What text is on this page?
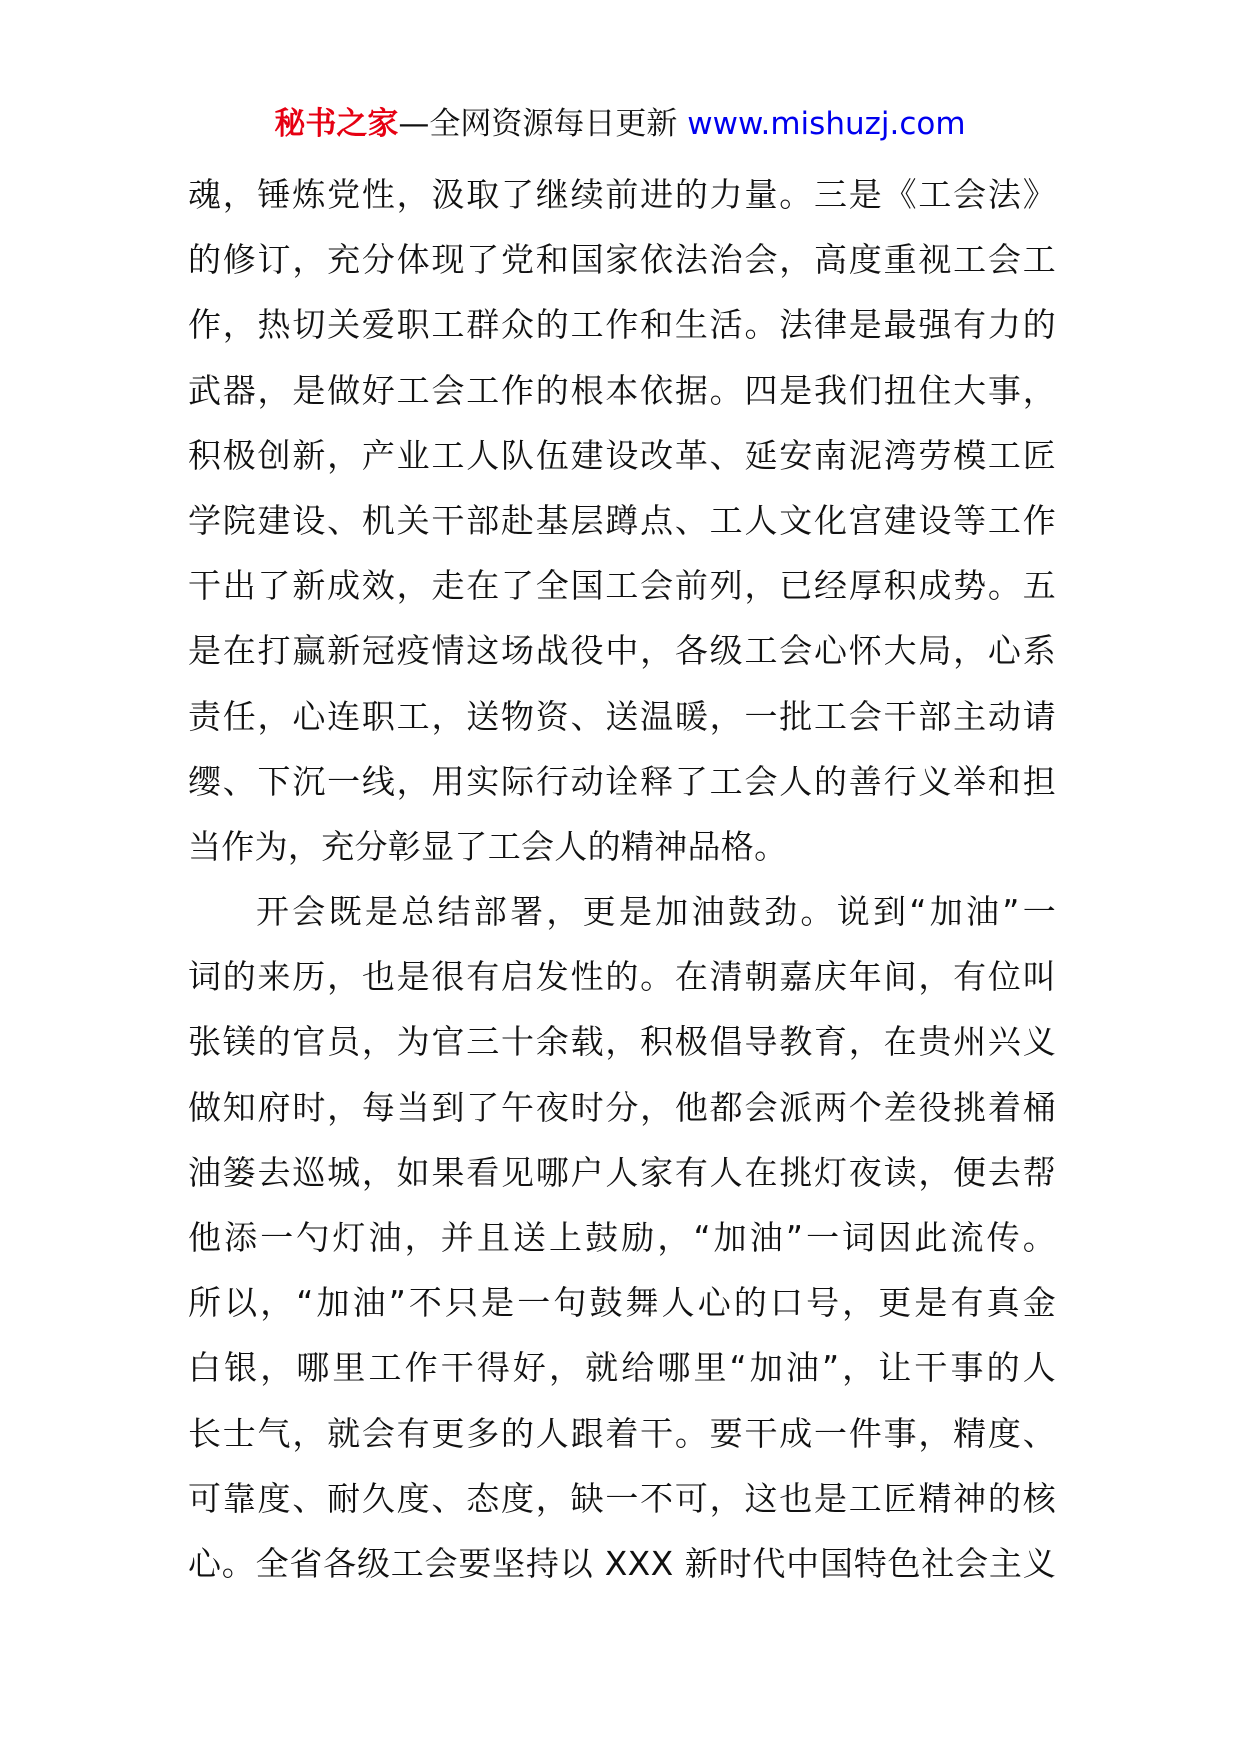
秘书之家—全网资源每日更新 www.mishuzj.com
魂，锤炼党性，汲取了继续前进的力量。三是《工会法》
的修订，充分体现了党和国家依法治会，高度重视工会工
作，热切关爱职工群众的工作和生活。法律是最强有力的
武器，是做好工会工作的根本依据。四是我们扭住大事，
积极创新，产业工人队伍建设改革、延安南泥湾劳模工匠
学院建设、机关干部赴基层蹲点、工人文化宫建设等工作
干出了新成效，走在了全国工会前列，已经厚积成势。五
是在打赢新冠疫情这场战役中，各级工会心怀大局，心系
责任，心连职工，送物资、送温暖，一批工会干部主动请
缨、下沉一线，用实际行动诠释了工会人的善行义举和担
当作为，充分彰显了工会人的精神品格。
开会既是总结部署，更是加油鼓劲。说到“加油”一
词的来历，也是很有启发性的。在清朝嘉庆年间，有位叫
张镁的官员，为官三十余载，积极倡导教育，在贵州兴义
做知府时，每当到了午夜时分，他都会派两个差役挑着桶
油篓去巡城，如果看见哪户人家有人在挑灯夜读，便去帮
他添一勺灯油，并且送上鼓励，“加油”一词因此流传。
所以，“加油”不只是一句鼓舞人心的口号，更是有真金
白银，哪里工作干得好，就给哪里“加油”，让干事的人
长士气，就会有更多的人跟着干。要干成一件事，精度、
可靠度、耐久度、态度，缺一不可，这也是工匠精神的核
心。全省各级工会要坚持以 XXX 新时代中国特色社会主义
